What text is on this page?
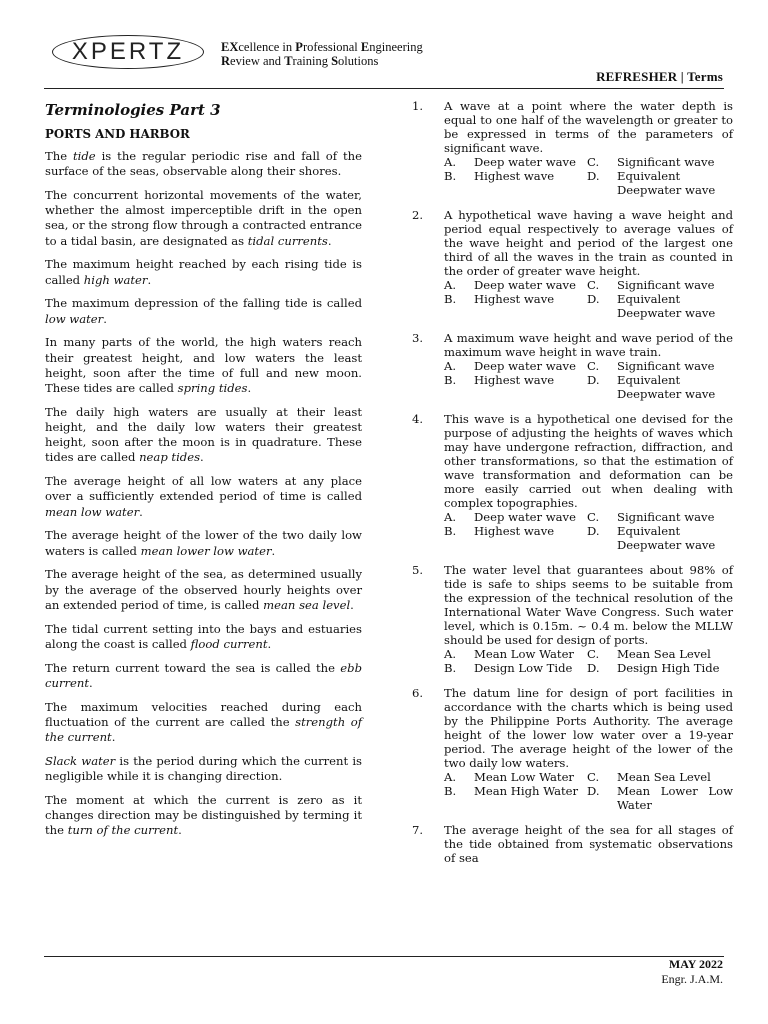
XPERTZ	EXcellence in Professional Engineering
Review and Training Solutions
REFRESHER | Terms
Terminologies Part 3
PORTS AND HARBOR

The tide is the regular periodic rise and fall of the surface of the seas, observable along their shores.

The concurrent horizontal movements of the water, whether the almost imperceptible drift in the open sea, or the strong flow through a contracted entrance to a tidal basin, are designated as tidal currents.

The maximum height reached by each rising tide is called high water.

The maximum depression of the falling tide is called low water.

In many parts of the world, the high waters reach their greatest height, and low waters the least height, soon after the time of full and new moon. These tides are called spring tides.

The daily high waters are usually at their least height, and the daily low waters their greatest height, soon after the moon is in quadrature. These tides are called neap tides.

The average height of all low waters at any place over a sufficiently extended period of time is called mean low water.

The average height of the lower of the two daily low waters is called mean lower low water.

The average height of the sea, as determined usually by the average of the observed hourly heights over an extended period of time, is called mean sea level.

The tidal current setting into the bays and estuaries along the coast is called flood current.

The return current toward the sea is called the ebb current.

The maximum velocities reached during each fluctuation of the current are called the strength of the current.

Slack water is the period during which the current is negligible while it is changing direction.

The moment at which the current is zero as it changes direction may be distinguished by terming it the turn of the current.

1.	A wave at a point where the water depth is equal to one half of the wavelength or greater to be expressed in terms of the parameters of significant wave.

A.	Deep water wave C.	Significant wave
B.	Highest wave	D.	Equivalent Deepwater wave
2.	A hypothetical wave having a wave height and period equal respectively to average values of the wave height and period of the largest one third of all the waves in the train as counted in the order of greater wave height.

A.	Deep water wave C.	Significant wave
B.	Highest wave	D.	Equivalent Deepwater wave
3.	A maximum wave height and wave period of the maximum wave height in wave train.

A.	Deep water wave C.	Significant wave
B.	Highest wave	D.	Equivalent Deepwater wave
4.	This wave is a hypothetical one devised for the purpose of adjusting the heights of waves which may have undergone refraction, diffraction, and other transformations, so that the estimation of wave transformation and deformation can be more easily carried out when dealing with complex topographies.

A.	Deep water wave C.	Significant wave
B.	Highest wave	D.	Equivalent Deepwater wave
5.	The water level that guarantees about 98% of tide is safe to ships seems to be suitable from the expression of the technical resolution of the International Water Wave Congress. Such water level, which is 0.15m. ~ 0.4 m. below the MLLW should be used for design of ports.

A.	Mean Low Water	C.	Mean Sea Level
B.	Design Low Tide	D.	Design High Tide
6.	The datum line for design of port facilities in accordance with the charts which is being used by the Philippine Ports Authority. The average height of the lower low water over a 19-year period. The average height of the lower of the two daily low waters.

A.	Mean Low Water	C.	Mean Sea Level
B.	Mean High Water D.	Mean Lower Low Water
7.	The average height of the sea for all stages of the tide obtained from systematic observations of sea

MAY 2022
Engr. J.A.M.
